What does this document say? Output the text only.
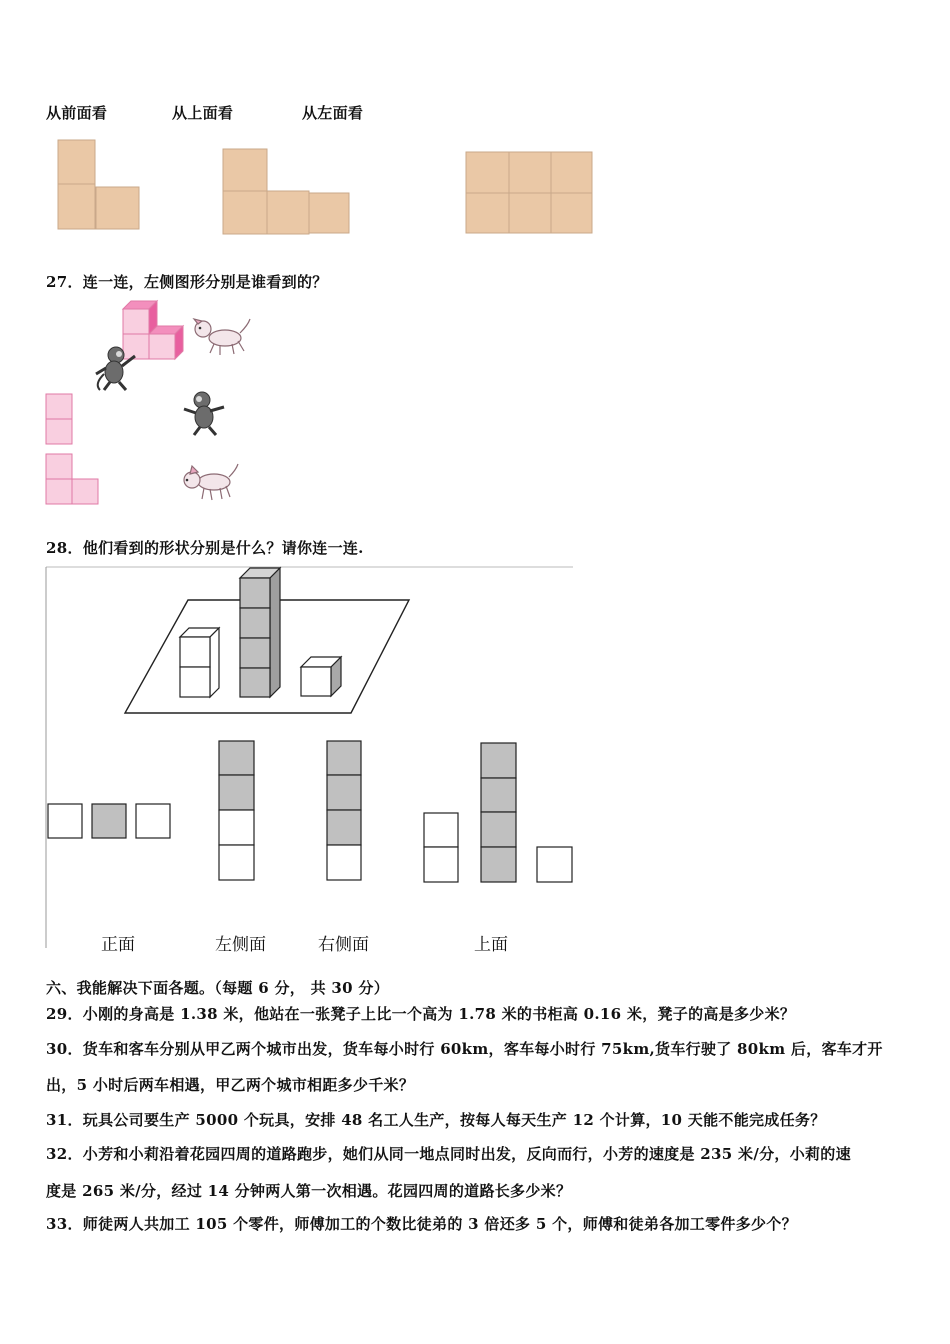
从前面看	从上面看	从左面看
27．连一连，左侧图形分别是谁看到的？
28．他们看到的形状分别是什么？请你连一连.
正面	左侧面	右侧面	上面
六、我能解决下面各题。（每题 6 分， 共 30 分）
29．小刚的身高是 1.38 米，他站在一张凳子上比一个高为 1.78 米的书柜高 0.16 米，凳子的高是多少米？
30．货车和客车分别从甲乙两个城市出发，货车每小时行 60km，客车每小时行 75km,货车行驶了 80km 后，客车才开
出，5 小时后两车相遇，甲乙两个城市相距多少千米？
31．玩具公司要生产 5000 个玩具，安排 48 名工人生产，按每人每天生产 12 个计算，10 天能不能完成任务？
32．小芳和小莉沿着花园四周的道路跑步，她们从同一地点同时出发，反向而行，小芳的速度是 235 米/分，小莉的速
度是 265 米/分，经过 14 分钟两人第一次相遇。花园四周的道路长多少米？
33．师徒两人共加工 105 个零件，师傅加工的个数比徒弟的 3 倍还多 5 个，师傅和徒弟各加工零件多少个？
